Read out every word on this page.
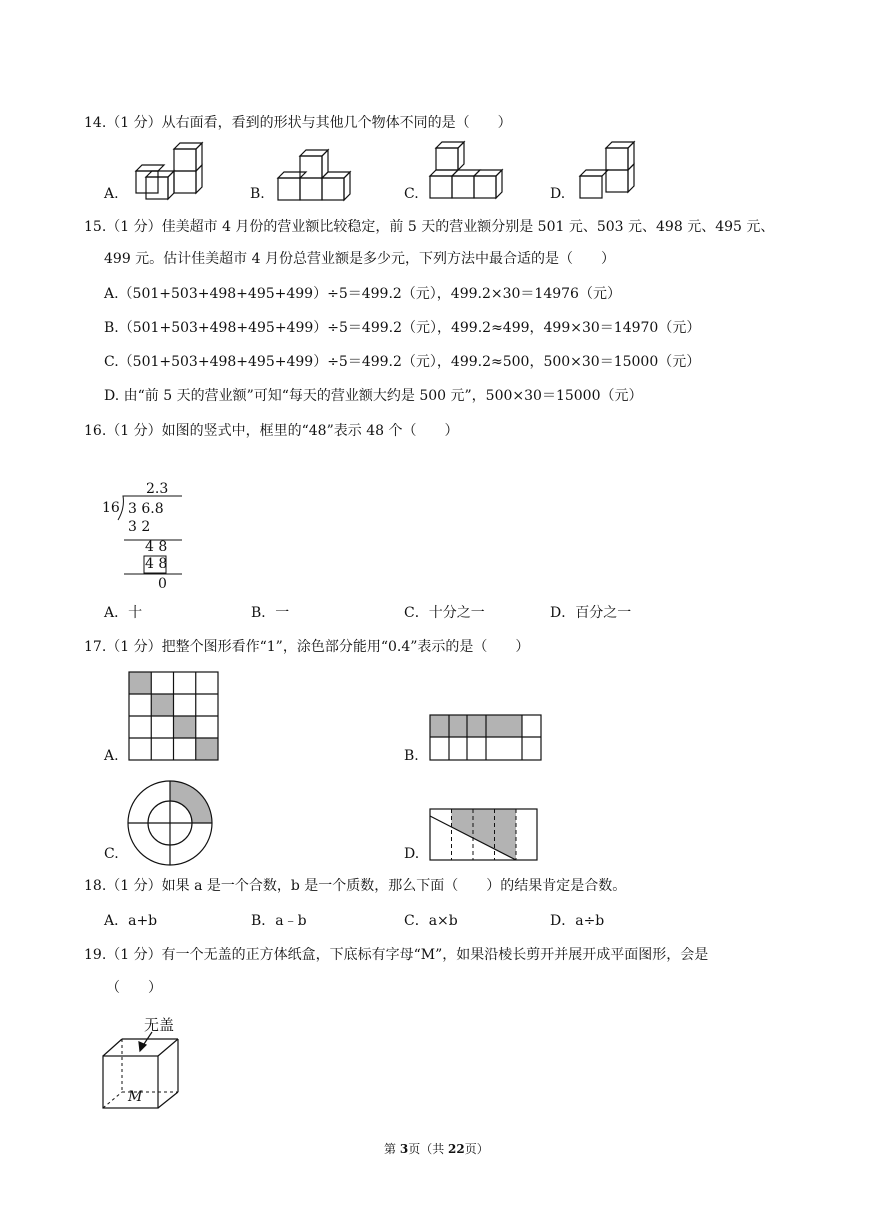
14.（1 分）从右面看，看到的形状与其他几个物体不同的是（　　）
A.	B.	C.	D.
15.（1 分）佳美超市 4 月份的营业额比较稳定，前 5 天的营业额分别是 501 元、503 元、498 元、495 元、
499 元。估计佳美超市 4 月份总营业额是多少元，下列方法中最合适的是（　　）
A.（501+503+498+495+499）÷5＝499.2（元），499.2×30＝14976（元）
B.（501+503+498+495+499）÷5＝499.2（元），499.2≈499，499×30＝14970（元）
C.（501+503+498+495+499）÷5＝499.2（元），499.2≈500，500×30＝15000（元）
D. 由“前 5 天的营业额”可知“每天的营业额大约是 500 元”，500×30＝15000（元）
16.（1 分）如图的竖式中，框里的“48”表示 48 个（　　）
2.3
16 3 6.8
3 2
4 8
4 8
0
A．十	B．一	C．十分之一	D．百分之一
17.（1 分）把整个图形看作“1”，涂色部分能用“0.4”表示的是（　　）
A.	B.
C.	D.
18.（1 分）如果 a 是一个合数，b 是一个质数，那么下面（　　）的结果肯定是合数。
A．a+b	B．a﹣b	C．a×b	D．a÷b
19.（1 分）有一个无盖的正方体纸盒，下底标有字母“M”，如果沿棱长剪开并展开成平面图形，会是
（　　）
无盖
M
第 3页（共 22页）
